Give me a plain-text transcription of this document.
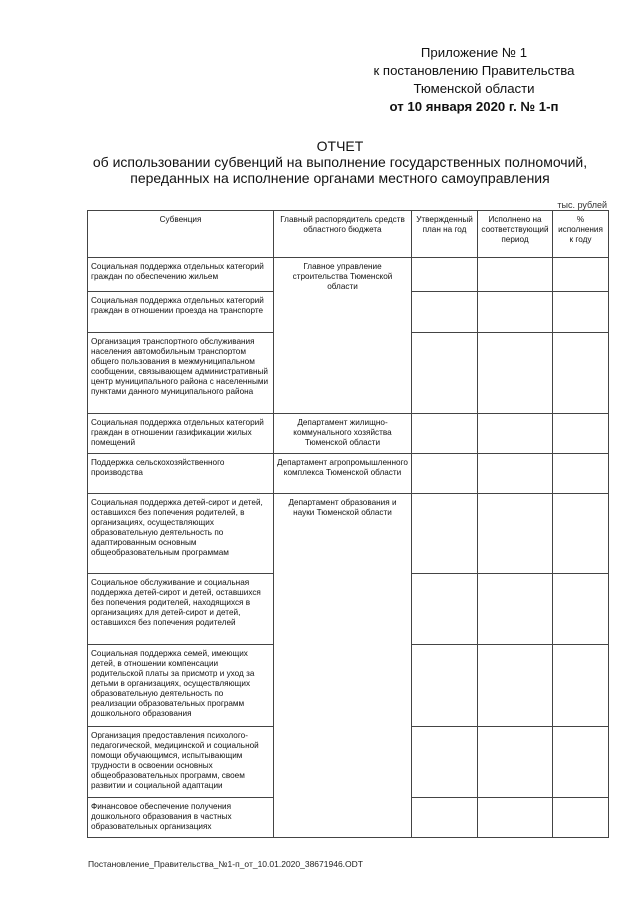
Приложение № 1
к постановлению Правительства
Тюменской области
от 10 января 2020 г. № 1-п
ОТЧЕТ
об использовании субвенций на выполнение государственных полномочий,
переданных на исполнение органами местного самоуправления
тыс. рублей
Субвенция	Главный распорядитель средств областного бюджета	Утвержденный план на год	Исполнено на соответствующий период	% исполнения к году
Социальная поддержка отдельных категорий граждан по обеспечению жильем	Главное управление строительства Тюменской области			
Социальная поддержка отдельных категорий граждан в отношении проезда на транспорте				
Организация транспортного обслуживания населения автомобильным транспортом общего пользования в межмуниципальном сообщении, связывающем административный центр муниципального района с населенными пунктами данного муниципального района				
Социальная поддержка отдельных категорий граждан в отношении газификации жилых помещений	Департамент жилищно-коммунального хозяйства Тюменской области			
Поддержка сельскохозяйственного производства	Департамент агропромышленного комплекса Тюменской области			
Социальная поддержка детей-сирот и детей, оставшихся без попечения родителей, в организациях, осуществляющих образовательную деятельность по адаптированным основным общеобразовательным программам	Департамент образования и науки Тюменской области			
Социальное обслуживание и социальная поддержка детей-сирот и детей, оставшихся без попечения родителей, находящихся в организациях для детей-сирот и детей, оставшихся без попечения родителей				
Социальная поддержка семей, имеющих детей, в отношении компенсации родительской платы за присмотр и уход за детьми в организациях, осуществляющих образовательную деятельность по реализации образовательных программ дошкольного образования				
Организация предоставления психолого-педагогической, медицинской и социальной помощи обучающимся, испытывающим трудности в освоении основных общеобразовательных программ, своем развитии и социальной адаптации				
Финансовое обеспечение получения дошкольного образования в частных образовательных организациях				
Постановление_Правительства_№1-п_от_10.01.2020_38671946.ODT
